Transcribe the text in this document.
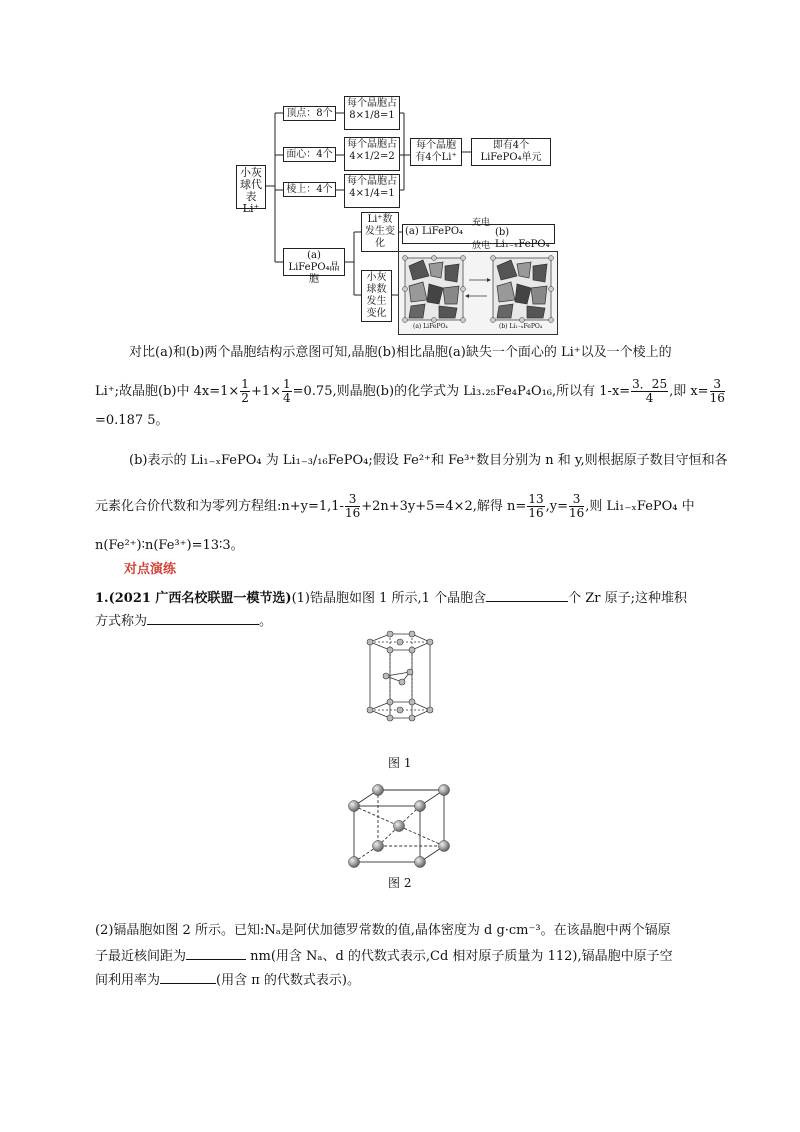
小灰球代表Li⁺
顶点：8个
每个晶胞占8×1/8=1
面心：4个
每个晶胞占4×1/2=2
棱上：4个
每个晶胞占4×1/4=1
每个晶胞有4个Li⁺
即有4个LiFePO₄单元
(a) LiFePO₄晶胞
Li⁺数发生变化
(a) LiFePO₄	(b) Li₁₋ₓFePO₄
充电
放电
小灰球数发生变化
(a) LiFePO₄	(b) Li₁₋ₓFePO₄
对比(a)和(b)两个晶胞结构示意图可知,晶胞(b)相比晶胞(a)缺失一个面心的 Li⁺以及一个棱上的
Li⁺;故晶胞(b)中 $4x=1\times \frac{1}{2} +1\times \frac{1}{4} =0.75$,则晶胞(b)的化学式为 Li₃.₂₅Fe₄P₄O₁₆,所以有 $1-x= \frac{3.25}{4}$ ,即 $x= \frac{3}{16}$
=0.187 5。
(b)表示的 Li₁₋ₓFePO₄ 为 Li₁₋₃/₁₆FePO₄;假设 Fe²⁺和 Fe³⁺数目分别为 n 和 y,则根据原子数目守恒和各
元素化合价代数和为零列方程组:n+y=1,1- $\frac{3}{16} +2n+3y+5=4\times 2$,解得 $n= \frac{13}{16} ,y= \frac{3}{16}$ ,则 Li₁₋ₓFePO₄ 中
n(Fe²⁺)∶n(Fe³⁺)=13∶3。
对点演练
1.(2021 广西名校联盟一模节选)(1)锆晶胞如图 1 所示,1 个晶胞含	个 Zr 原子;这种堆积
方式称为	。
图 1
图 2
(2)镉晶胞如图 2 所示。已知:Nₐ是阿伏加德罗常数的值,晶体密度为 d g·cm⁻³。在该晶胞中两个镉原
子最近核间距为	nm(用含 Nₐ、d 的代数式表示,Cd 相对原子质量为 112),镉晶胞中原子空
间利用率为	(用含 π 的代数式表示)。
